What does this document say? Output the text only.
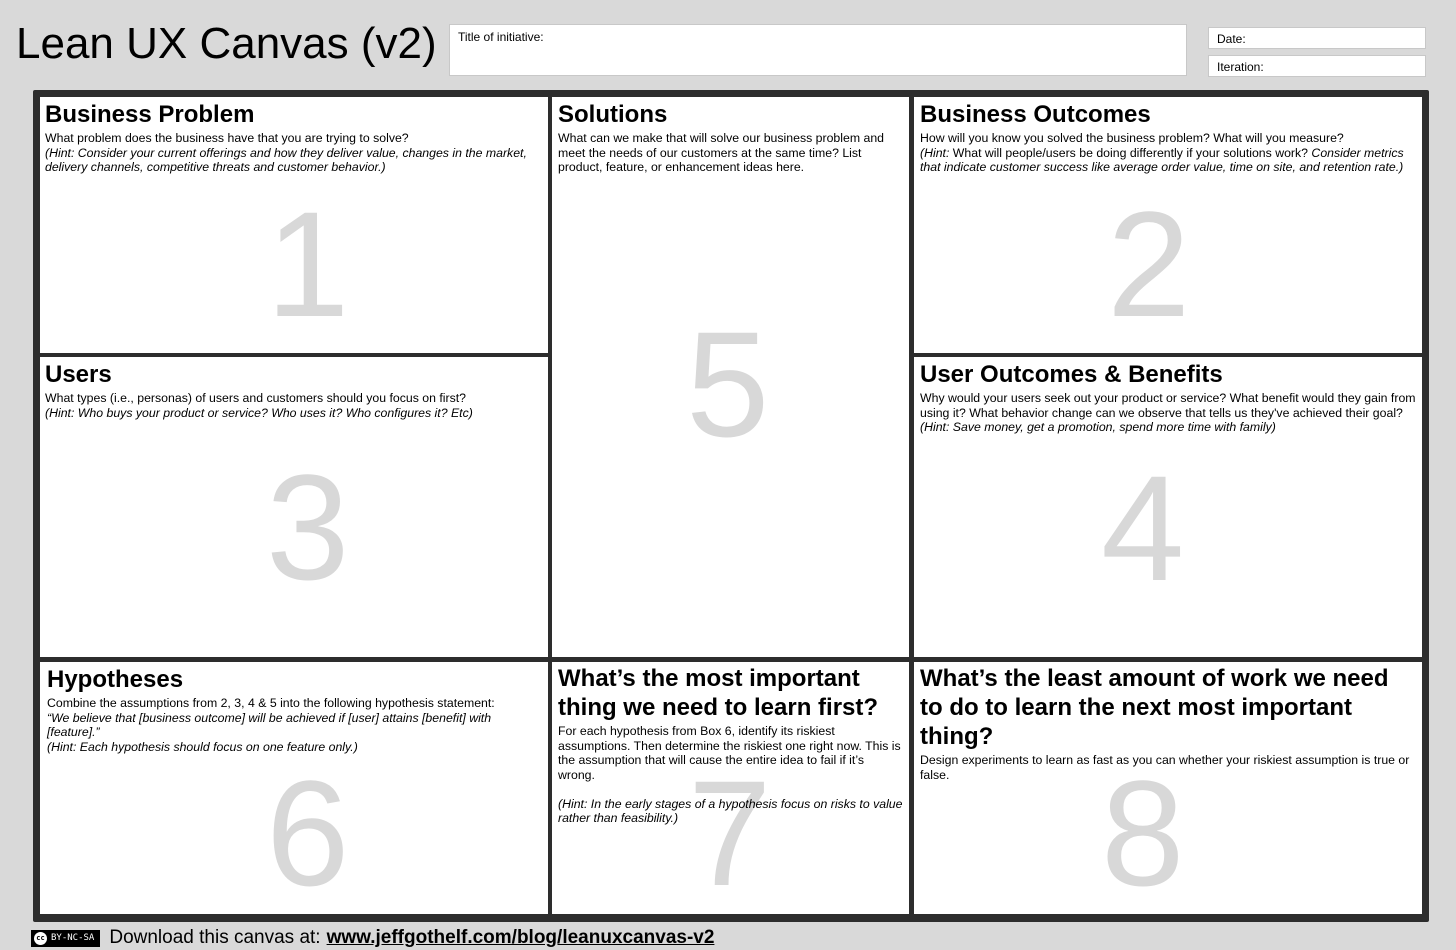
Lean UX Canvas (v2) Title of initiative:	Date:
Iteration:
1
Business Problem
What problem does the business have that you are trying to solve?
(Hint: Consider your current offerings and how they deliver value, changes in the market, delivery channels, competitive threats and customer behavior.)
5
Solutions
What can we make that will solve our business problem and meet the needs of our customers at the same time? List product, feature, or enhancement ideas here.
2
Business Outcomes
How will you know you solved the business problem? What will you measure?
(Hint: What will people/users be doing differently if your solutions work? Consider metrics that indicate customer success like average order value, time on site, and retention rate.)
3
Users
What types (i.e., personas) of users and customers should you focus on first?
(Hint: Who buys your product or service? Who uses it? Who configures it? Etc)
4
User Outcomes & Benefits
Why would your users seek out your product or service? What benefit would they gain from using it? What behavior change can we observe that tells us they've achieved their goal?
(Hint: Save money, get a promotion, spend more time with family)
6
Hypotheses
Combine the assumptions from 2, 3, 4 & 5 into the following hypothesis statement:
“We believe that [business outcome] will be achieved if [user] attains [benefit] with [feature].”
(Hint: Each hypothesis should focus on one feature only.)
7
What’s the most important thing we need to learn first?
For each hypothesis from Box 6, identify its riskiest assumptions. Then determine the riskiest one right now. This is the assumption that will cause the entire idea to fail if it’s wrong.
(Hint: In the early stages of a hypothesis focus on risks to value rather than feasibility.)	8
What’s the least amount of work we need to do to learn the next most important thing?
Design experiments to learn as fast as you can whether your riskiest assumption is true or false.
cc BY-NC-SA Download this canvas at: www.jeffgothelf.com/blog/leanuxcanvas-v2
